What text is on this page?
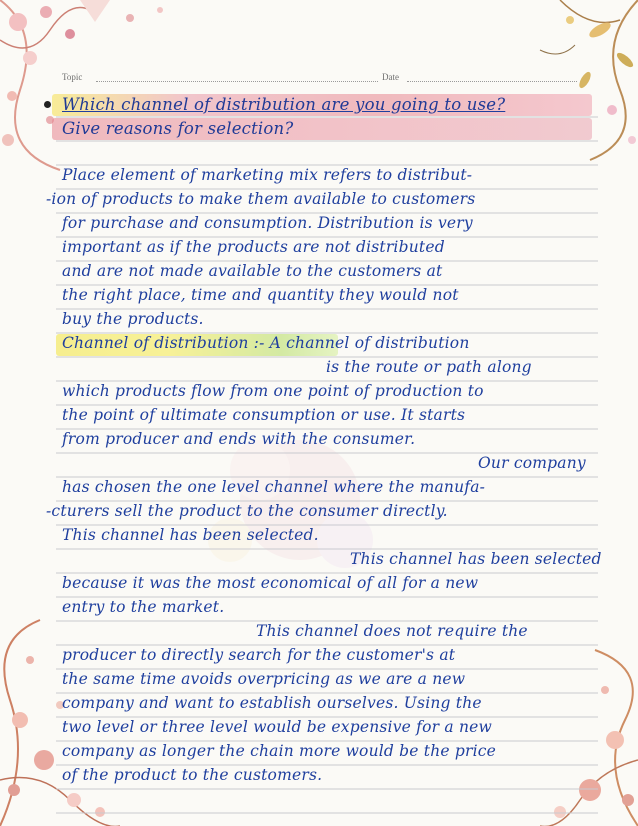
Topic	Date
Which channel of distribution are you going to use?
Give reasons for selection?
Place element of marketing mix refers to distribut-
-ion of products to make them available to customers
for purchase and consumption. Distribution is very
important as if the products are not distributed
and are not made available to the customers at
the right place, time and quantity they would not
buy the products.
Channel of distribution :- A channel of distribution
is the route or path along
which products flow from one point of production to
the point of ultimate consumption or use. It starts
from producer and ends with the consumer.
Our company
has chosen the one level channel where the manufa-
-cturers sell the product to the consumer directly.
This channel has been selected.
This channel has been selected
because it was the most economical of all for a new
entry to the market.
This channel does not require the
producer to directly search for the customer's at
the same time avoids overpricing as we are a new
company and want to establish ourselves. Using the
two level or three level would be expensive for a new
company as longer the chain more would be the price
of the product to the customers.
